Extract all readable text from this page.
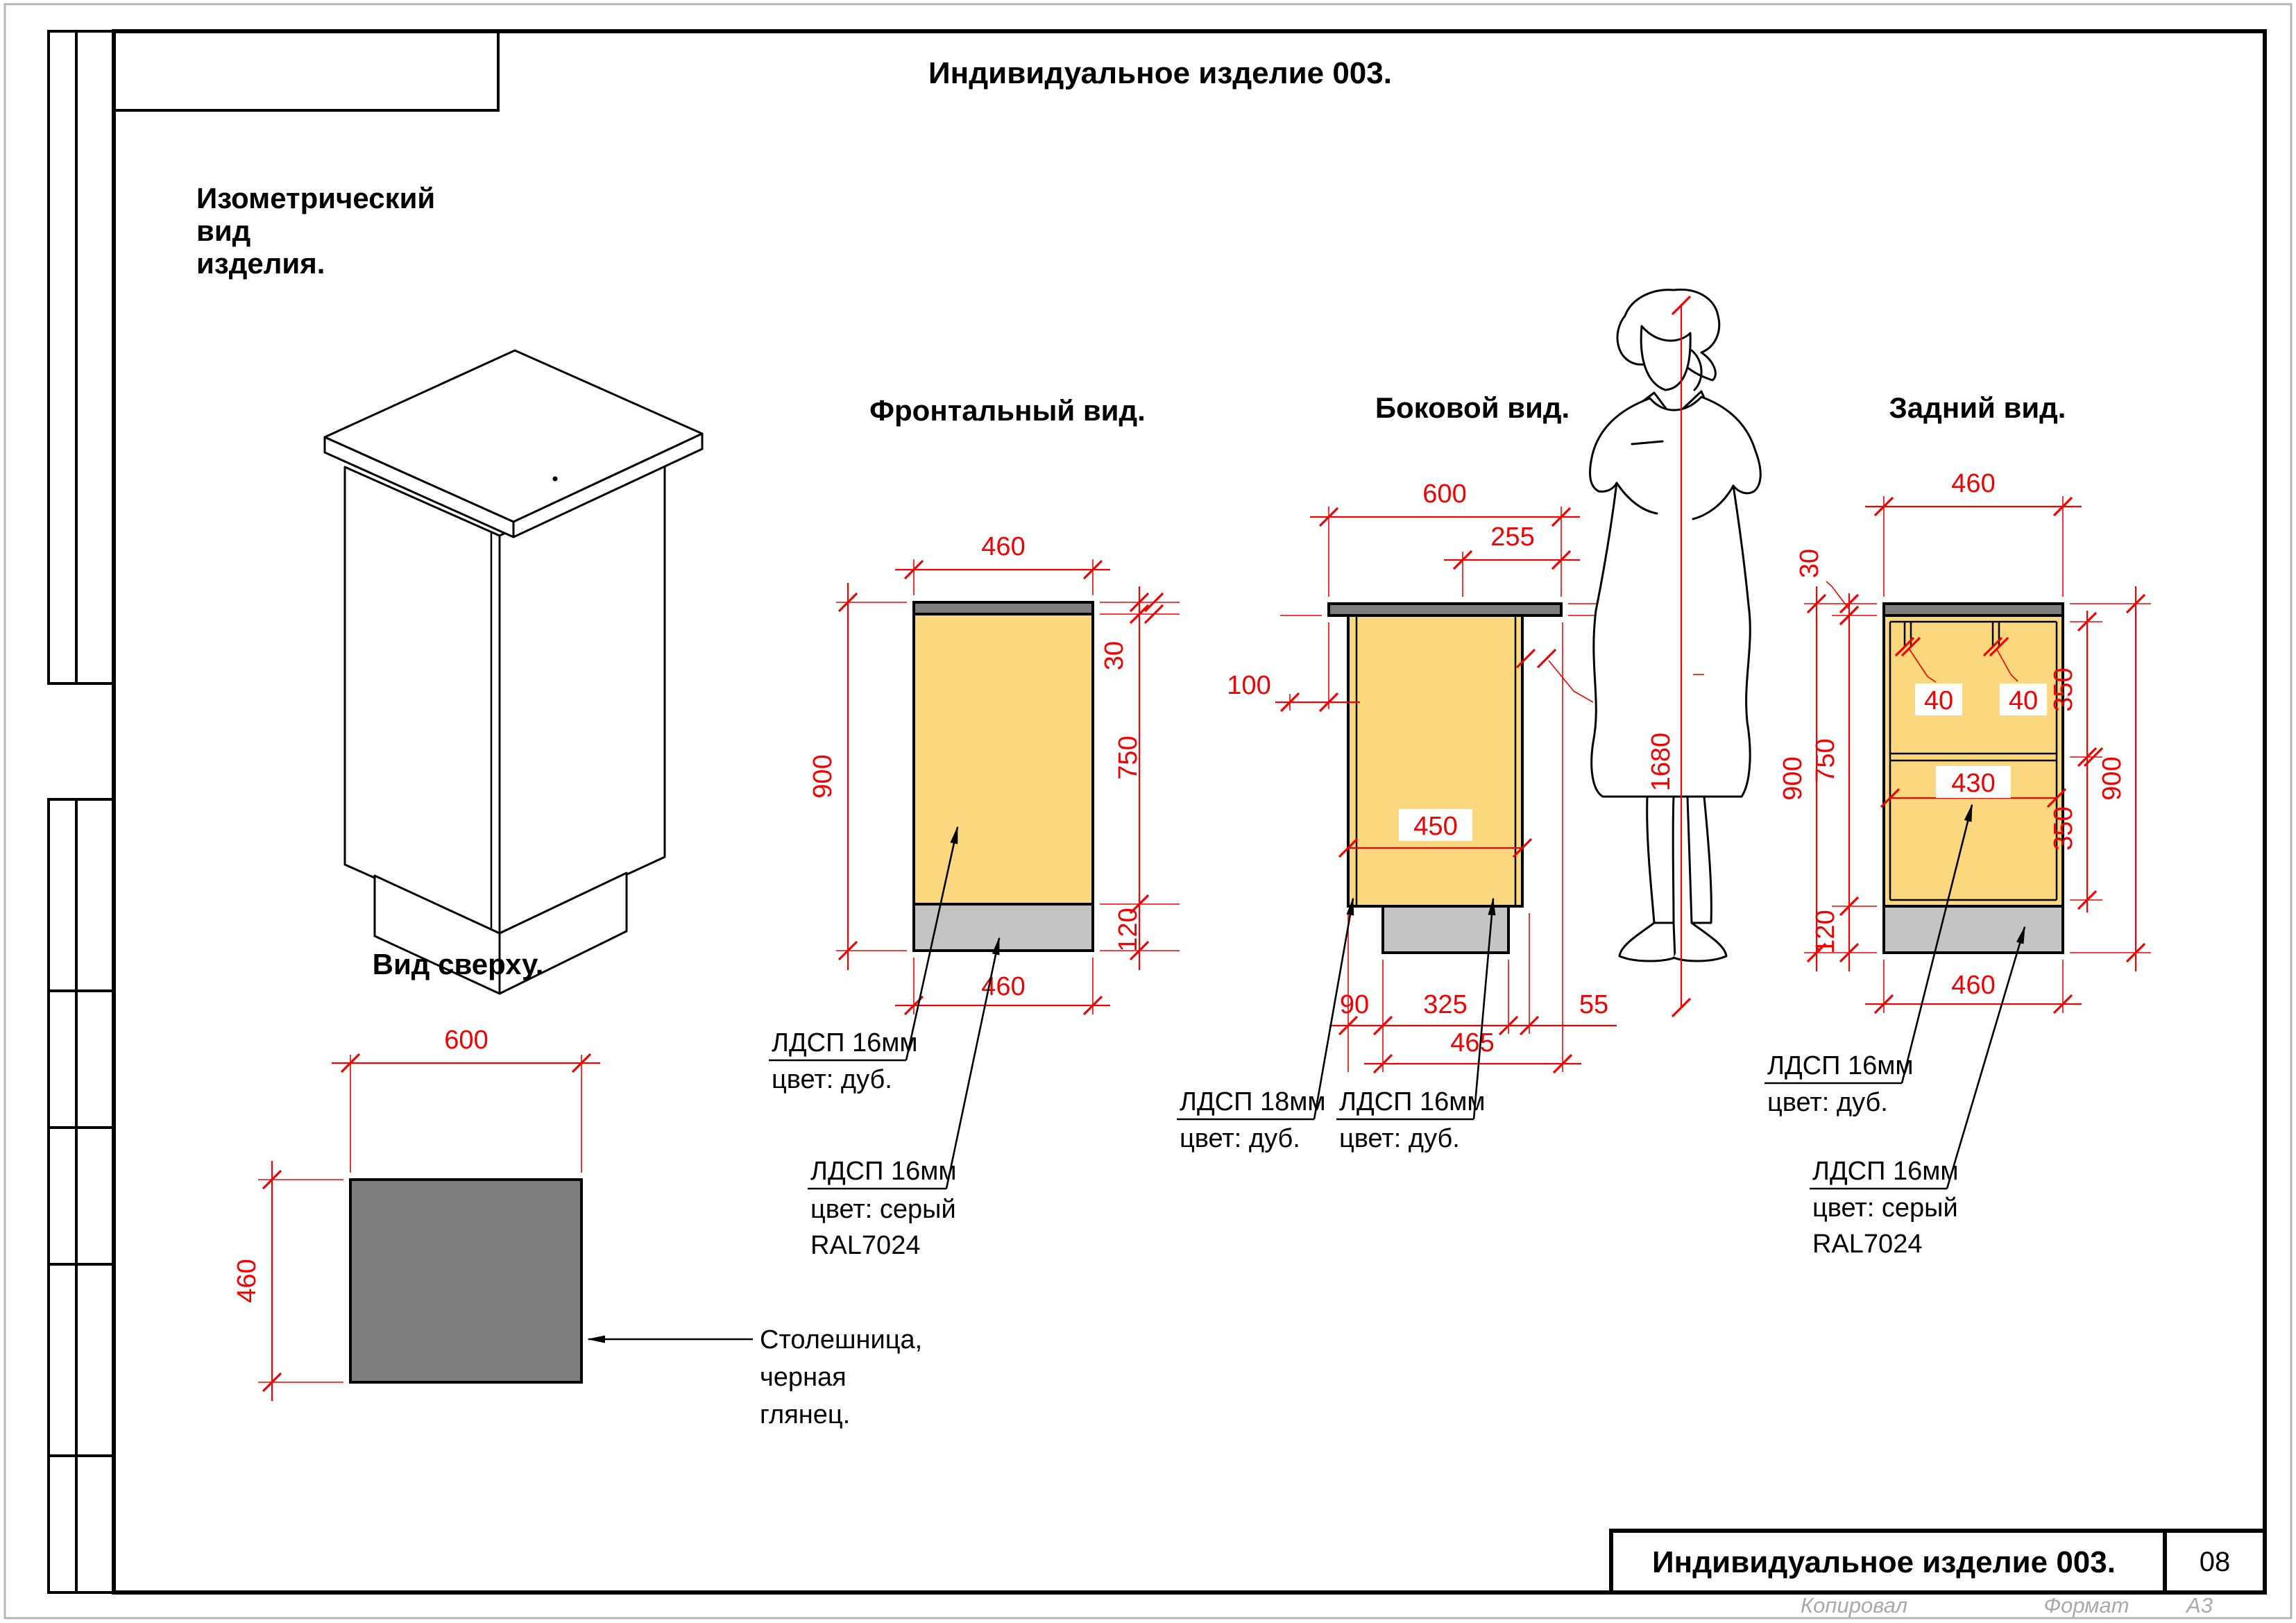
Индивидуальное изделие 003.
Индивидуальное изделие 003.	08
Копировал	Формат	A3
Изометрический
вид
изделия.
Фронтальный вид.
460
900
30
750
120
460
ЛДСП 16мм
цвет: дуб.
ЛДСП 16мм
цвет: серый
RAL7024
Боковой вид.
600
255
100
450
90 325	55
465
1680
ЛДСП 18мм
цвет: дуб.
ЛДСП 16мм
цвет: дуб.
Задний вид.
460
30
750
120
900
40 40
430
350
350
900
460
ЛДСП 16мм
цвет: дуб.
ЛДСП 16мм
цвет: серый
RAL7024
Вид сверху.
600
460
Столешница,
черная
глянец.
